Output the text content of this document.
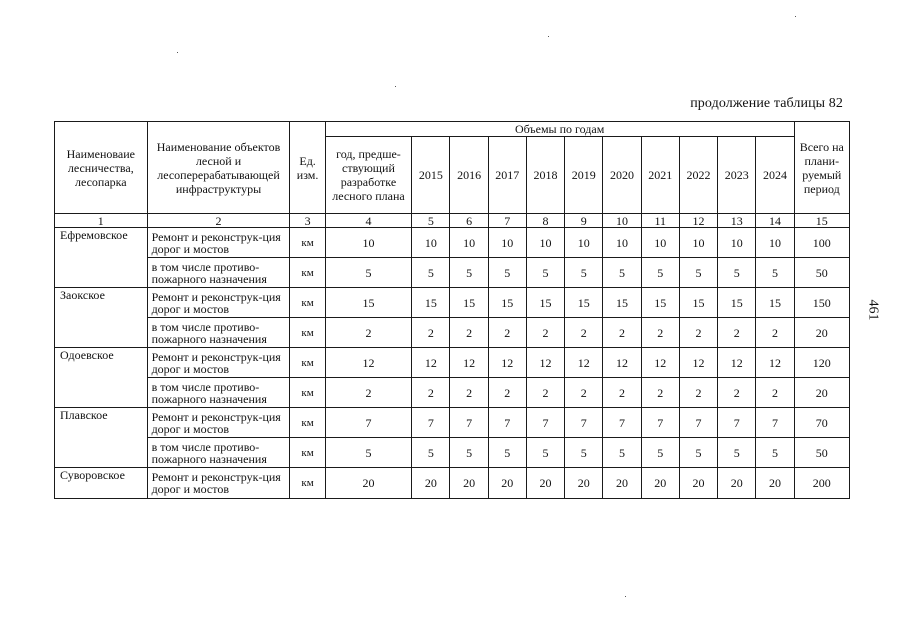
продолжение таблицы 82
461
Наименоваие лесничества, лесопарка	Наименование объектов лесной и лесоперерабатывающей инфраструктуры	Ед. изм.	Объемы по годам											Всего на плани-руемый период
			год, предше-ствующий разработке лесного плана	2015	2016	2017	2018	2019	2020	2021	2022	2023	2024	
1	2	3	4	5	6	7	8	9	10	11	12	13	14	15
Ефремовское	Ремонт и реконструк-ция дорог и мостов	км	10	10	10	10	10	10	10	10	10	10	10	100
	в том числе противо-пожарного назначения	км	5	5	5	5	5	5	5	5	5	5	5	50
Заокское	Ремонт и реконструк-ция дорог и мостов	км	15	15	15	15	15	15	15	15	15	15	15	150
	в том числе противо-пожарного назначения	км	2	2	2	2	2	2	2	2	2	2	2	20
Одоевское	Ремонт и реконструк-ция дорог и мостов	км	12	12	12	12	12	12	12	12	12	12	12	120
	в том числе противо-пожарного назначения	км	2	2	2	2	2	2	2	2	2	2	2	20
Плавское	Ремонт и реконструк-ция дорог и мостов	км	7	7	7	7	7	7	7	7	7	7	7	70
	в том числе противо-пожарного назначения	км	5	5	5	5	5	5	5	5	5	5	5	50
Суворовское	Ремонт и реконструк-ция дорог и мостов	км	20	20	20	20	20	20	20	20	20	20	20	200
